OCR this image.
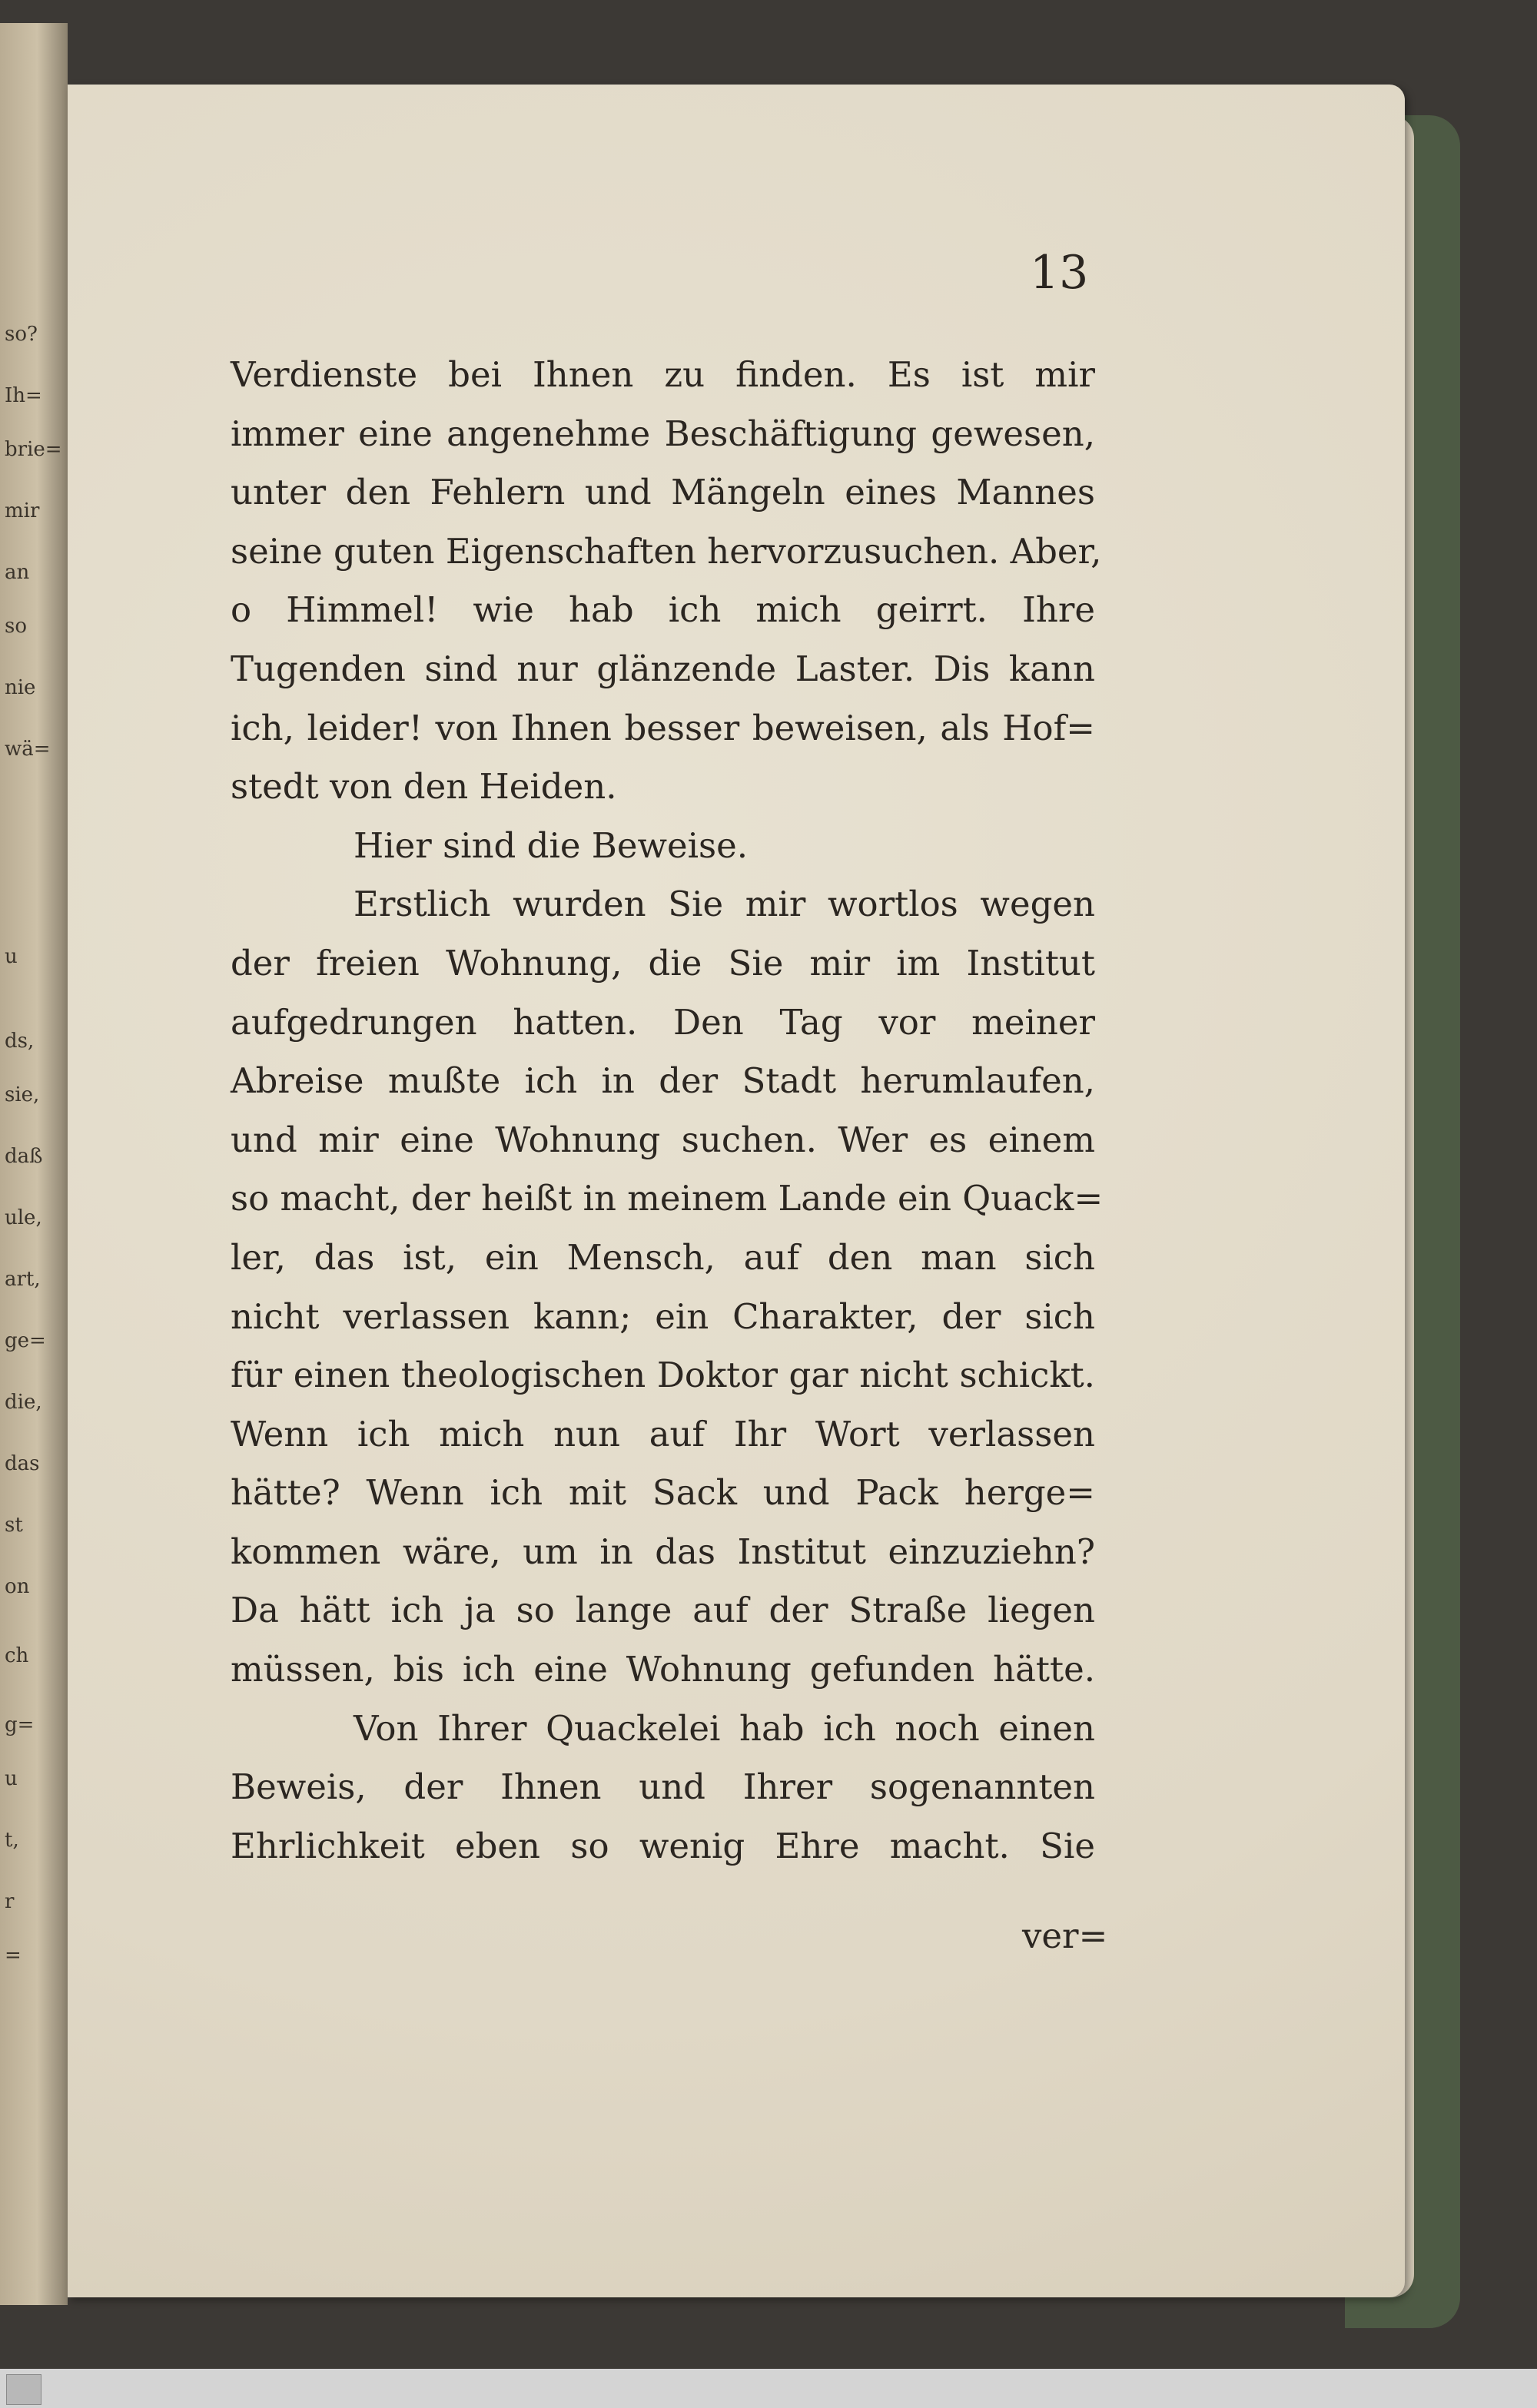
so?
Ih=
brie=
mir
an
so
nie
wä=
u
ds,
sie,
daß
ule,
art,
ge=
die,
das
st
on
ch
g=
u
t,
r
=
13
Verdienste bei Ihnen zu finden. Es ist mir
immer eine angenehme Beschäftigung gewesen,
unter den Fehlern und Mängeln eines Mannes
seine guten Eigenschaften hervorzusuchen. Aber,
o Himmel! wie hab ich mich geirrt. Ihre
Tugenden sind nur glänzende Laster. Dis kann
ich, leider! von Ihnen besser beweisen, als Hof=
stedt von den Heiden.
Hier sind die Beweise.
Erstlich wurden Sie mir wortlos wegen
der freien Wohnung, die Sie mir im Institut
aufgedrungen hatten. Den Tag vor meiner
Abreise mußte ich in der Stadt herumlaufen,
und mir eine Wohnung suchen. Wer es einem
so macht, der heißt in meinem Lande ein Quack=
ler, das ist, ein Mensch, auf den man sich
nicht verlassen kann; ein Charakter, der sich
für einen theologischen Doktor gar nicht schickt.
Wenn ich mich nun auf Ihr Wort verlassen
hätte? Wenn ich mit Sack und Pack herge=
kommen wäre, um in das Institut einzuziehn?
Da hätt ich ja so lange auf der Straße liegen
müssen, bis ich eine Wohnung gefunden hätte.
Von Ihrer Quackelei hab ich noch einen
Beweis, der Ihnen und Ihrer sogenannten
Ehrlichkeit eben so wenig Ehre macht. Sie
ver=
